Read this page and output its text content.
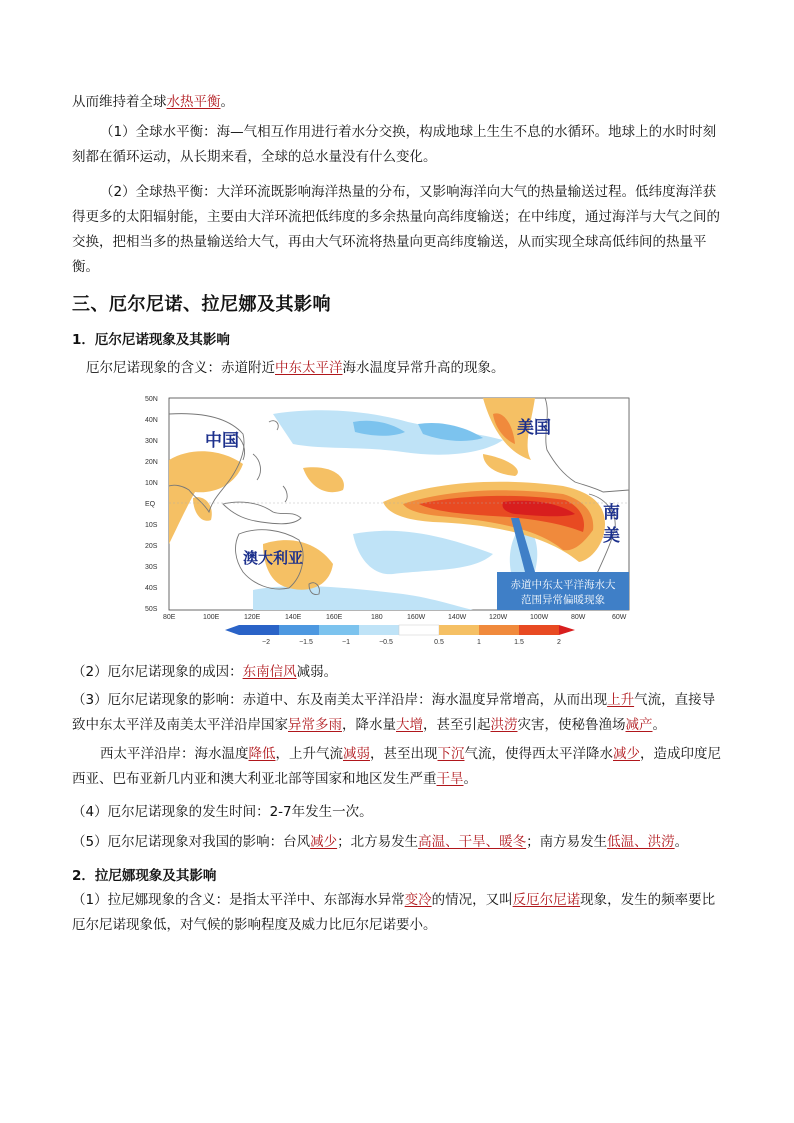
从而维持着全球水热平衡。
（1）全球水平衡：海—气相互作用进行着水分交换，构成地球上生生不息的水循环。地球上的水时时刻刻都在循环运动，从长期来看，全球的总水量没有什么变化。
（2）全球热平衡：大洋环流既影响海洋热量的分布，又影响海洋向大气的热量输送过程。低纬度海洋获得更多的太阳辐射能，主要由大洋环流把低纬度的多余热量向高纬度输送；在中纬度，通过海洋与大气之间的交换，把相当多的热量输送给大气，再由大气环流将热量向更高纬度输送，从而实现全球高低纬间的热量平衡。
三、厄尔尼诺、拉尼娜及其影响
1．厄尔尼诺现象及其影响
厄尔尼诺现象的含义：赤道附近中东太平洋海水温度异常升高的现象。
（2）厄尔尼诺现象的成因：东南信风减弱。
（3）厄尔尼诺现象的影响：赤道中、东及南美太平洋沿岸：海水温度异常增高，从而出现上升气流，直接导致中东太平洋及南美太平洋沿岸国家异常多雨，降水量大增，甚至引起洪涝灾害，使秘鲁渔场减产。
西太平洋沿岸：海水温度降低，上升气流减弱，甚至出现下沉气流，使得西太平洋降水减少，造成印度尼西亚、巴布亚新几内亚和澳大利亚北部等国家和地区发生严重干旱。
（4）厄尔尼诺现象的发生时间：2-7年发生一次。
（5）厄尔尼诺现象对我国的影响：台风减少；北方易发生高温、干旱、暖冬；南方易发生低温、洪涝。
2．拉尼娜现象及其影响
（1）拉尼娜现象的含义：是指太平洋中、东部海水异常变冷的情况，又叫反厄尔尼诺现象，发生的频率要比厄尔尼诺现象低，对气候的影响程度及威力比厄尔尼诺要小。
50N
40N
30N
20N
10N
EQ
10S
20S
30S
40S
50S
80E	100E	120E	140E	160E	180	160W	140W	120W	100W	80W	60W
中国
美国
澳大利亚
南
美
赤道中东太平洋海水大
范围异常偏暖现象
−2	−1.5	−1	−0.5	0.5	1	1.5	2
